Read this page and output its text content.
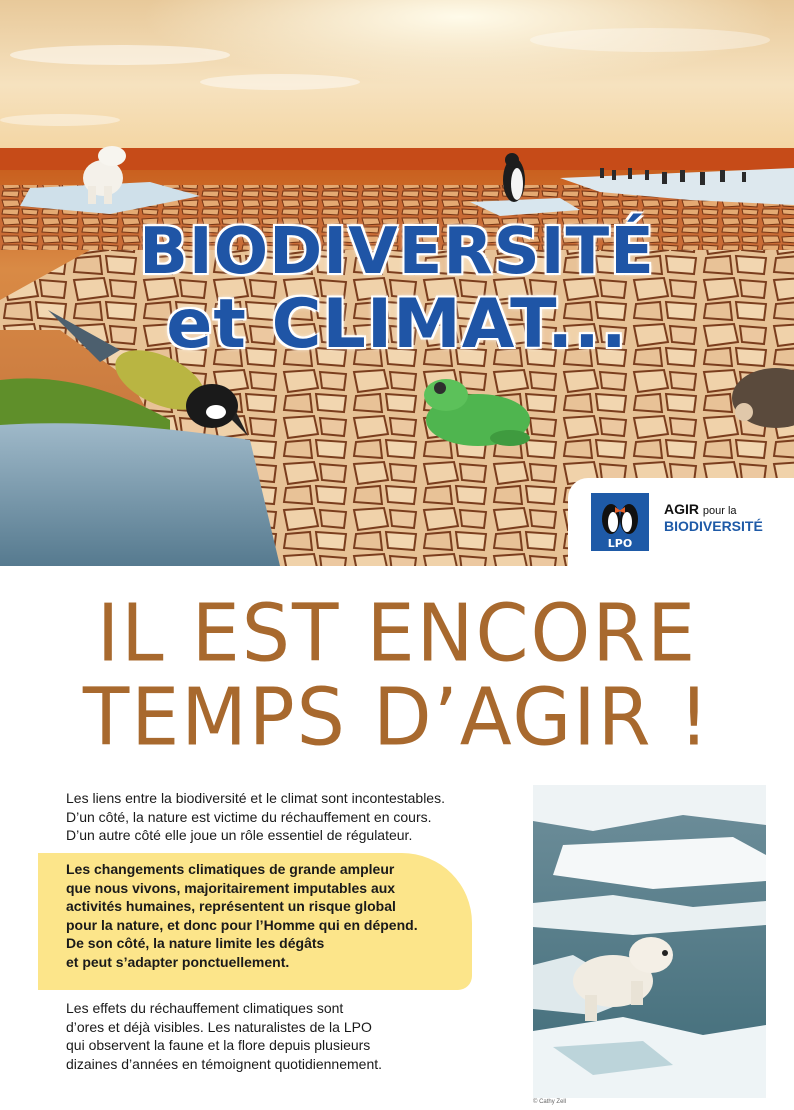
BIODIVERSITÉ
et CLIMAT...
LPO
AGIR pour la
BIODIVERSITÉ
IL EST ENCORE
TEMPS D’AGIR !
Les liens entre la biodiversité et le climat sont incontestables.
D’un côté, la nature est victime du réchauffement en cours.
D’un autre côté elle joue un rôle essentiel de régulateur.
Les changements climatiques de grande ampleur
que nous vivons, majoritairement imputables aux
activités humaines, représentent un risque global
pour la nature, et donc pour l’Homme qui en dépend.
De son côté, la nature limite les dégâts
et peut s’adapter ponctuellement.
Les effets du réchauffement climatiques sont
d’ores et déjà visibles. Les naturalistes de la LPO
qui observent la faune et la flore depuis plusieurs
dizaines d’années en témoignent quotidiennement.
© Cathy Zell
